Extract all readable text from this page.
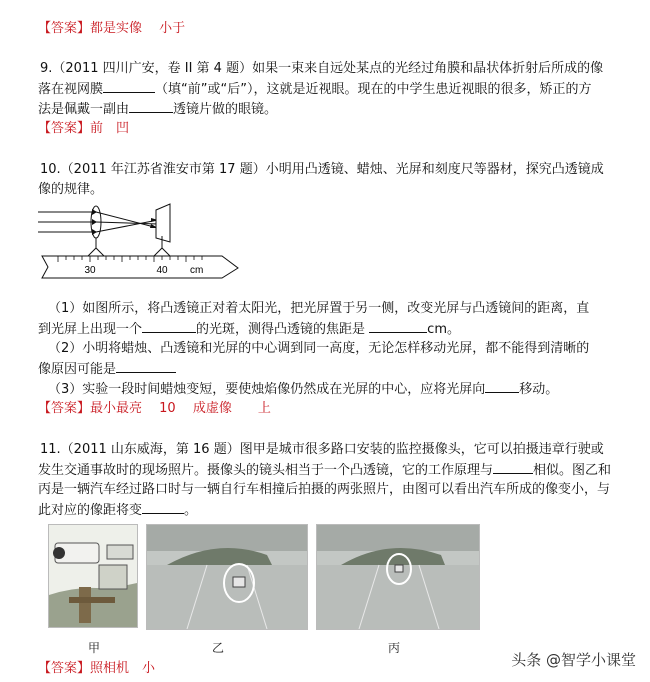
【答案】都是实像　 小于
9.（2011 四川广安，卷 II 第 4 题）如果一束来自远处某点的光经过角膜和晶状体折射后所成的像
落在视网膜	（填“前”或“后”），这就是近视眼。现在的中学生患近视眼的很多，矫正的方
法是佩戴一副由	透镜片做的眼镜。
【答案】前　凹
10.（2011 年江苏省淮安市第 17 题）小明用凸透镜、蜡烛、光屏和刻度尺等器材，探究凸透镜成
像的规律。
30	40 cm
（1）如图所示，将凸透镜正对着太阳光，把光屏置于另一侧，改变光屏与凸透镜间的距离，直
到光屏上出现一个	的光斑，测得凸透镜的焦距是	cm。
（2）小明将蜡烛、凸透镜和光屏的中心调到同一高度，无论怎样移动光屏，都不能得到清晰的
像原因可能是
（3）实验一段时间蜡烛变短，要使烛焰像仍然成在光屏的中心，应将光屏向	移动。
【答案】最小最亮　 10　 成虚像　　上
11.（2011 山东威海，第 16 题）图甲是城市很多路口安装的监控摄像头，它可以拍摄违章行驶或
发生交通事故时的现场照片。摄像头的镜头相当于一个凸透镜，它的工作原理与	相似。图乙和
丙是一辆汽车经过路口时与一辆自行车相撞后拍摄的两张照片，由图可以看出汽车所成的像变小，与
此对应的像距将变	。
甲	乙	丙
【答案】照相机　小	头条 @智学小课堂
